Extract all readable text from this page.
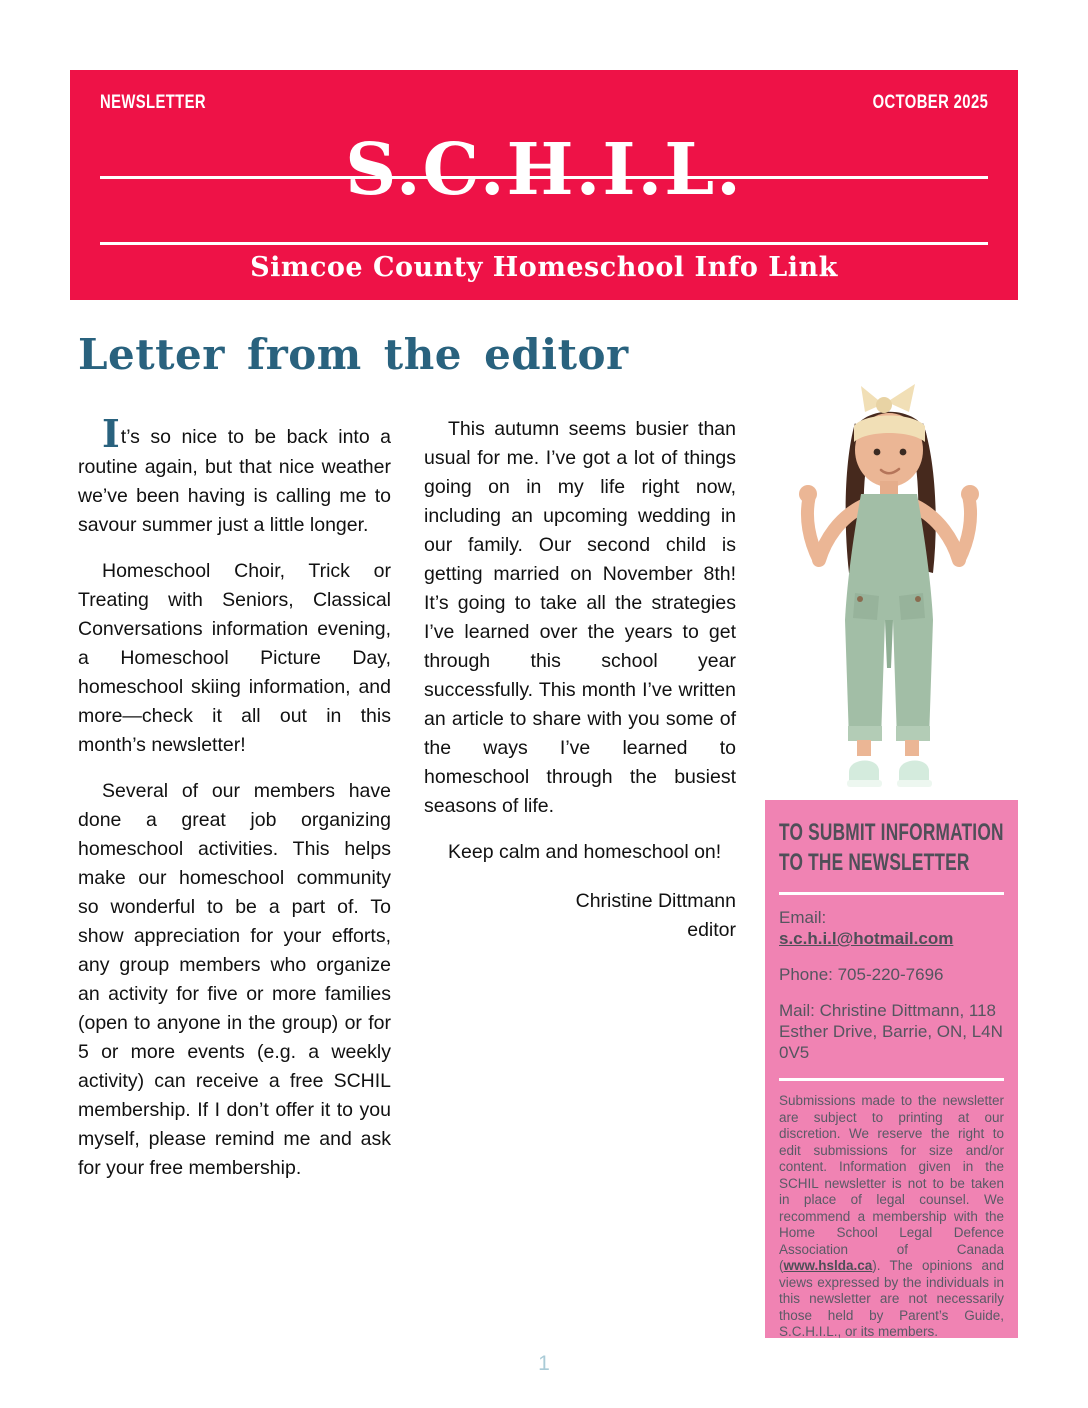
NEWSLETTER	OCTOBER 2025
S.C.H.I.L.
Simcoe County Homeschool Info Link
Letter from the editor

It’s so nice to be back into a routine again, but that nice weather we’ve been having is calling me to savour summer just a little longer.

Homeschool Choir, Trick or Treating with Seniors, Classical Conversations information evening, a Homeschool Picture Day, homeschool skiing information, and more—check it all out in this month’s newsletter!

Several of our members have done a great job organizing homeschool activities. This helps make our homeschool community so wonderful to be a part of. To show appreciation for your efforts, any group members who organize an activity for five or more families (open to anyone in the group) or for 5 or more events (e.g. a weekly activity) can receive a free SCHIL membership. If I don’t offer it to you myself, please remind me and ask for your free membership.

This autumn seems busier than usual for me. I’ve got a lot of things going on in my life right now, including an upcoming wedding in our family. Our second child is getting married on November 8th! It’s going to take all the strategies I’ve learned over the years to get through this school year successfully. This month I’ve written an article to share with you some of the ways I’ve learned to homeschool through the busiest seasons of life.

Keep calm and homeschool on!

Christine Dittmann
editor
TO SUBMIT INFORMATION TO THE NEWSLETTER

Email:
s.c.h.i.l@hotmail.com

Phone: 705-220-7696

Mail: Christine Dittmann, 118 Esther Drive, Barrie, ON, L4N 0V5

Submissions made to the newsletter are subject to printing at our discretion. We reserve the right to edit submissions for size and/or content. Information given in the SCHIL newsletter is not to be taken in place of legal counsel. We recommend a membership with the Home School Legal Defence Association of Canada (www.hslda.ca). The opinions and views expressed by the individuals in this newsletter are not necessarily those held by Parent’s Guide, S.C.H.I.L., or its members.

1
